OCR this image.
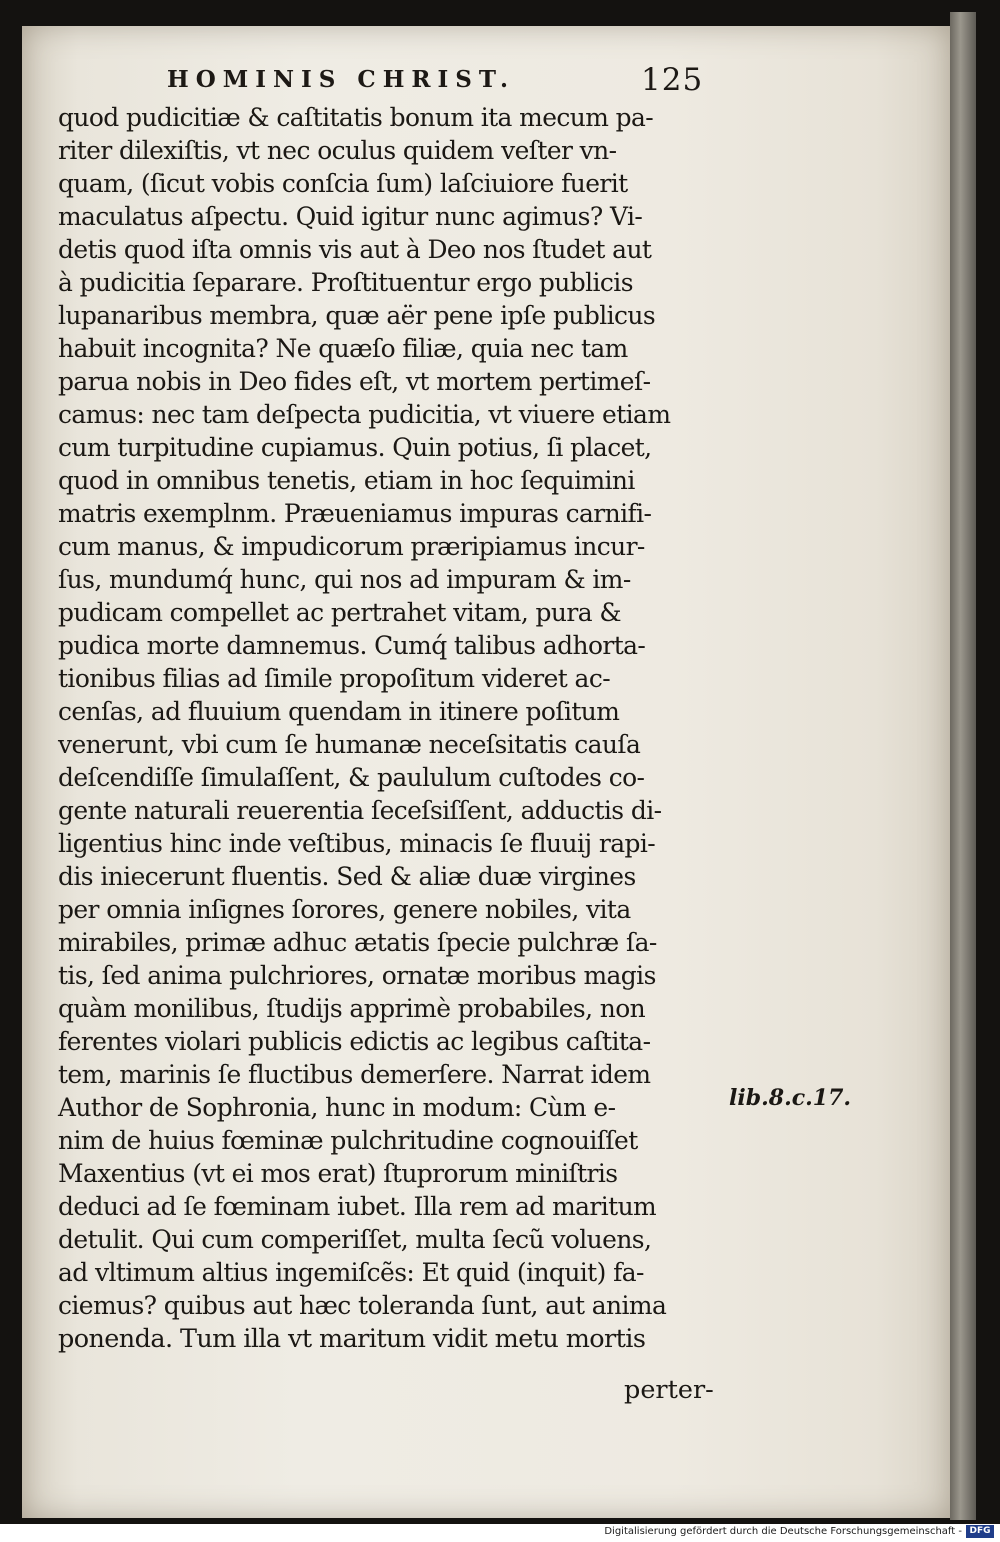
HOMINIS CHRIST.	125
quod pudicitiæ & caſtitatis bonum ita mecum pa-
riter dilexiſtis, vt nec oculus quidem veſter vn-
quam, (ſicut vobis conſcia ſum) laſciuiore fuerit
maculatus aſpectu. Quid igitur nunc agimus? Vi-
detis quod iſta omnis vis aut à Deo nos ſtudet aut
à pudicitia ſeparare. Proſtituentur ergo publicis
lupanaribus membra, quæ aër pene ipſe publicus
habuit incognita? Ne quæſo filiæ, quia nec tam
parua nobis in Deo fides eſt, vt mortem pertimeſ-
camus: nec tam deſpecta pudicitia, vt viuere etiam
cum turpitudine cupiamus. Quin potius, ſi placet,
quod in omnibus tenetis, etiam in hoc ſequimini
matris exemplnm. Præueniamus impuras carnifi-
cum manus, & impudicorum præripiamus incur-
ſus, mundumq́ hunc, qui nos ad impuram & im-
pudicam compellet ac pertrahet vitam, pura &
pudica morte damnemus. Cumq́ talibus adhorta-
tionibus filias ad ſimile propoſitum videret ac-
cenſas, ad fluuium quendam in itinere poſitum
venerunt, vbi cum ſe humanæ neceſsitatis cauſa
deſcendiſſe ſimulaſſent, & paululum cuſtodes co-
gente naturali reuerentia ſeceſsiſſent, adductis di-
ligentius hinc inde veſtibus, minacis ſe fluuij rapi-
dis iniecerunt fluentis. Sed & aliæ duæ virgines
per omnia inſignes ſorores, genere nobiles, vita
mirabiles, primæ adhuc ætatis ſpecie pulchræ ſa-
tis, ſed anima pulchriores, ornatæ moribus magis
quàm monilibus, ſtudijs apprimè probabiles, non
ferentes violari publicis edictis ac legibus caſtita-
tem, marinis ſe fluctibus demerſere. Narrat idem
Author de Sophronia, hunc in modum: Cùm e-
nim de huius fœminæ pulchritudine cognouiſſet
Maxentius (vt ei mos erat) ſtuprorum miniſtris
deduci ad ſe fœminam iubet. Illa rem ad maritum
detulit. Qui cum comperiſſet, multa ſecũ voluens,
ad vltimum altius ingemiſcẽs: Et quid (inquit) fa-
ciemus? quibus aut hæc toleranda ſunt, aut anima
ponenda. Tum illa vt maritum vidit metu mortis
lib.8.c.17.
perter-
Digitalisierung gefördert durch die Deutsche Forschungsgemeinschaft - DFG
